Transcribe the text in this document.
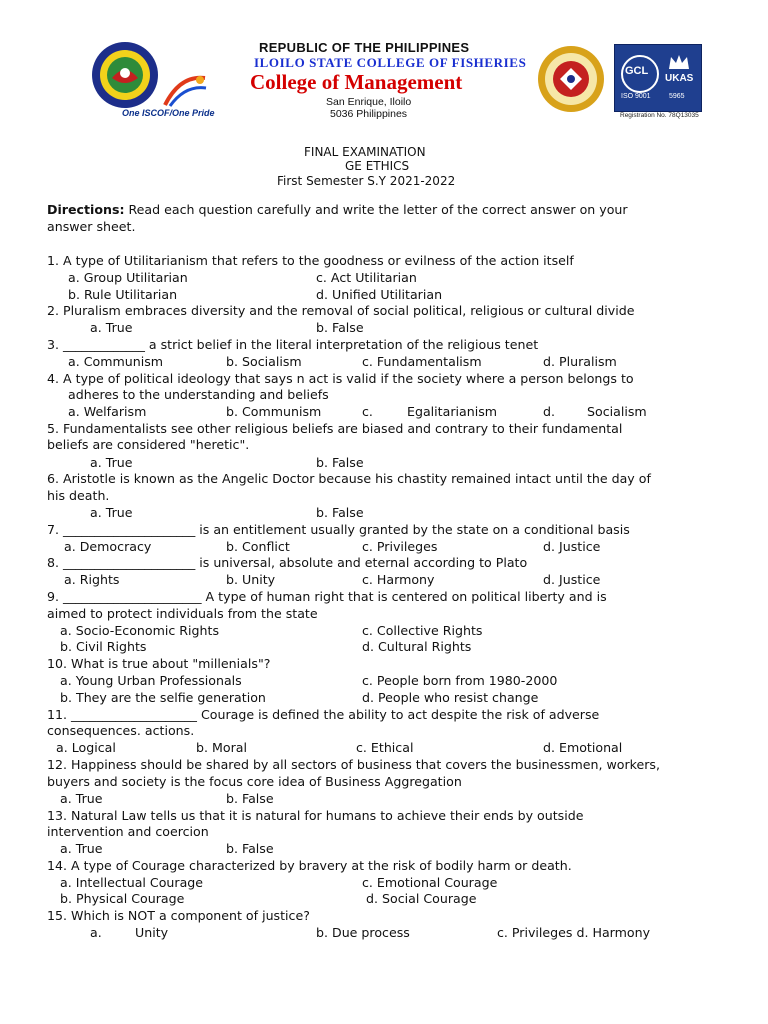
One ISCOF/One Pride
REPUBLIC OF THE PHILIPPINES
ILOILO STATE COLLEGE OF FISHERIES
College of Management
San Enrique, Iloilo
5036 Philippines
GCL
UKAS
ISO 9001	5965
Registration No. 78Q13035
FINAL EXAMINATION
GE ETHICS
First Semester S.Y 2021-2022
Directions: Read each question carefully and write the letter of the correct answer on your
answer sheet.
1. A type of Utilitarianism that refers to the goodness or evilness of the action itself
a. Group Utilitarian	c. Act Utilitarian
b. Rule Utilitarian	d. Unified Utilitarian
2. Pluralism embraces diversity and the removal of social political, religious or cultural divide
a. True	b. False
3. _____________ a strict belief in the literal interpretation of the religious tenet
a. Communism	b. Socialism	c. Fundamentalism	d. Pluralism
4. A type of political ideology that says n act is valid if the society where a person belongs to
adheres to the understanding and beliefs
a. Welfarism	b. Communism	c.	Egalitarianism	d.	Socialism
5. Fundamentalists see other religious beliefs are biased and contrary to their fundamental
beliefs are considered "heretic".
a. True	b. False
6. Aristotle is known as the Angelic Doctor because his chastity remained intact until the day of
his death.
a. True	b. False
7. _____________________ is an entitlement usually granted by the state on a conditional basis
a. Democracy	b. Conflict	c. Privileges	d. Justice
8. _____________________ is universal, absolute and eternal according to Plato
a. Rights	b. Unity	c. Harmony	d. Justice
9. ______________________ A type of human right that is centered on political liberty and is
aimed to protect individuals from the state
a. Socio-Economic Rights	c. Collective Rights
b. Civil Rights	d. Cultural Rights
10. What is true about "millenials"?
a. Young Urban Professionals	c. People born from 1980-2000
b. They are the selfie generation	d. People who resist change
11. ____________________ Courage is defined the ability to act despite the risk of adverse
consequences. actions.
a. Logical	b. Moral	c. Ethical	d. Emotional
12. Happiness should be shared by all sectors of business that covers the businessmen, workers,
buyers and society is the focus core idea of Business Aggregation
a. True	b. False
13. Natural Law tells us that it is natural for humans to achieve their ends by outside
intervention and coercion
a. True	b. False
14. A type of Courage characterized by bravery at the risk of bodily harm or death.
a. Intellectual Courage	c. Emotional Courage
b. Physical Courage	d. Social Courage
15. Which is NOT a component of justice?
a.	Unity	b. Due process	c. Privileges d. Harmony
